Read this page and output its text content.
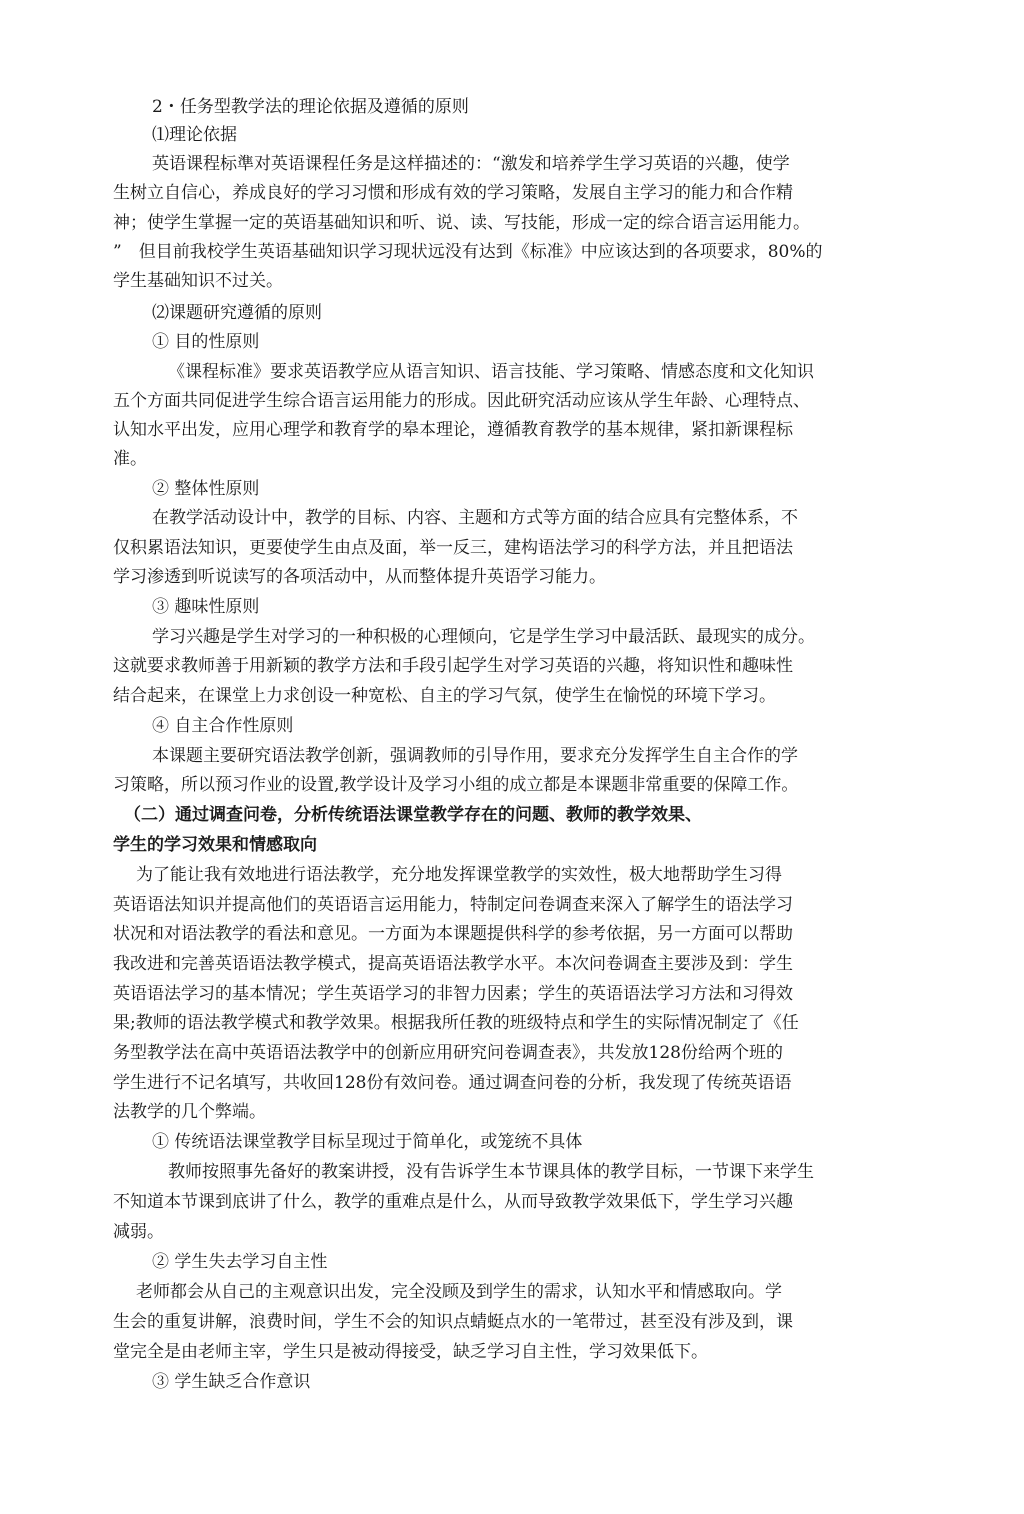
2・任务型教学法的理论依据及遵循的原则
⑴理论依据
英语课程标準对英语课程任务是这样描述的：“激发和培养学生学习英语的兴趣，使学
生树立自信心，养成良好的学习习惯和形成有效的学习策略，发展自主学习的能力和合作精
神；使学生掌握一定的英语基础知识和听、说、读、写技能，形成一定的综合语言运用能力。
”　但目前我校学生英语基础知识学习现状远没有达到《标准》中应该达到的各项要求，80%的
学生基础知识不过关。
⑵课题研究遵循的原则
① 目的性原则
《课程标准》要求英语教学应从语言知识、语言技能、学习策略、情感态度和文化知识
五个方面共同促进学生综合语言运用能力的形成。因此研究活动应该从学生年龄、心理特点、
认知水平出发，应用心理学和教育学的皋本理论，遵循教育教学的基本规律，紧扣新课程标
准。
② 整体性原则
在教学活动设计中，教学的目标、内容、主题和方式等方面的结合应具有完整体系，不
仅积累语法知识，更要使学生由点及面，举一反三，建构语法学习的科学方法，并且把语法
学习渗透到听说读写的各项活动中，从而整体提升英语学习能力。
③ 趣味性原则
学习兴趣是学生对学习的一种积极的心理倾向，它是学生学习中最活跃、最现实的成分。
这就要求教师善于用新颖的教学方法和手段引起学生对学习英语的兴趣，将知识性和趣味性
结合起来，在课堂上力求创设一种宽松、自主的学习气氛，使学生在愉悦的环境下学习。
④ 自主合作性原则
本课题主要研究语法教学创新，强调教师的引导作用，要求充分发挥学生自主合作的学
习策略，所以预习作业的设置,教学设计及学习小组的成立都是本课题非常重要的保障工作。
（二）通过调查问卷，分析传统语法课堂教学存在的问题、教师的教学效果、
学生的学习效果和情感取向
为了能让我有效地进行语法教学，充分地发挥课堂教学的实效性，极大地帮助学生习得
英语语法知识并提高他们的英语语言运用能力，特制定问卷调查来深入了解学生的语法学习
状况和对语法教学的看法和意见。一方面为本课题提供科学的参考依据，另一方面可以帮助
我改进和完善英语语法教学模式，提高英语语法教学水平。本次问卷调查主要涉及到：学生
英语语法学习的基本情况；学生英语学习的非智力因素；学生的英语语法学习方法和习得效
果;教师的语法教学模式和教学效果。根据我所任教的班级特点和学生的实际情况制定了《任
务型教学法在高中英语语法教学中的创新应用研究问卷调查表》，共发放128份给两个班的
学生进行不记名填写，共收回128份有效问卷。通过调查问卷的分析，我发现了传统英语语
法教学的几个弊端。
① 传统语法课堂教学目标呈现过于简单化，或笼统不具体
教师按照事先备好的教案讲授，没有告诉学生本节课具体的教学目标，一节课下来学生
不知道本节课到底讲了什么，教学的重难点是什么，从而导致教学效果低下，学生学习兴趣
减弱。
② 学生失去学习自主性
老师都会从自己的主观意识出发，完全没顾及到学生的需求，认知水平和情感取向。学
生会的重复讲解，浪费时间，学生不会的知识点蜻蜓点水的一笔带过，甚至没有涉及到，课
堂完全是由老师主宰，学生只是被动得接受，缺乏学习自主性，学习效果低下。
③ 学生缺乏合作意识
